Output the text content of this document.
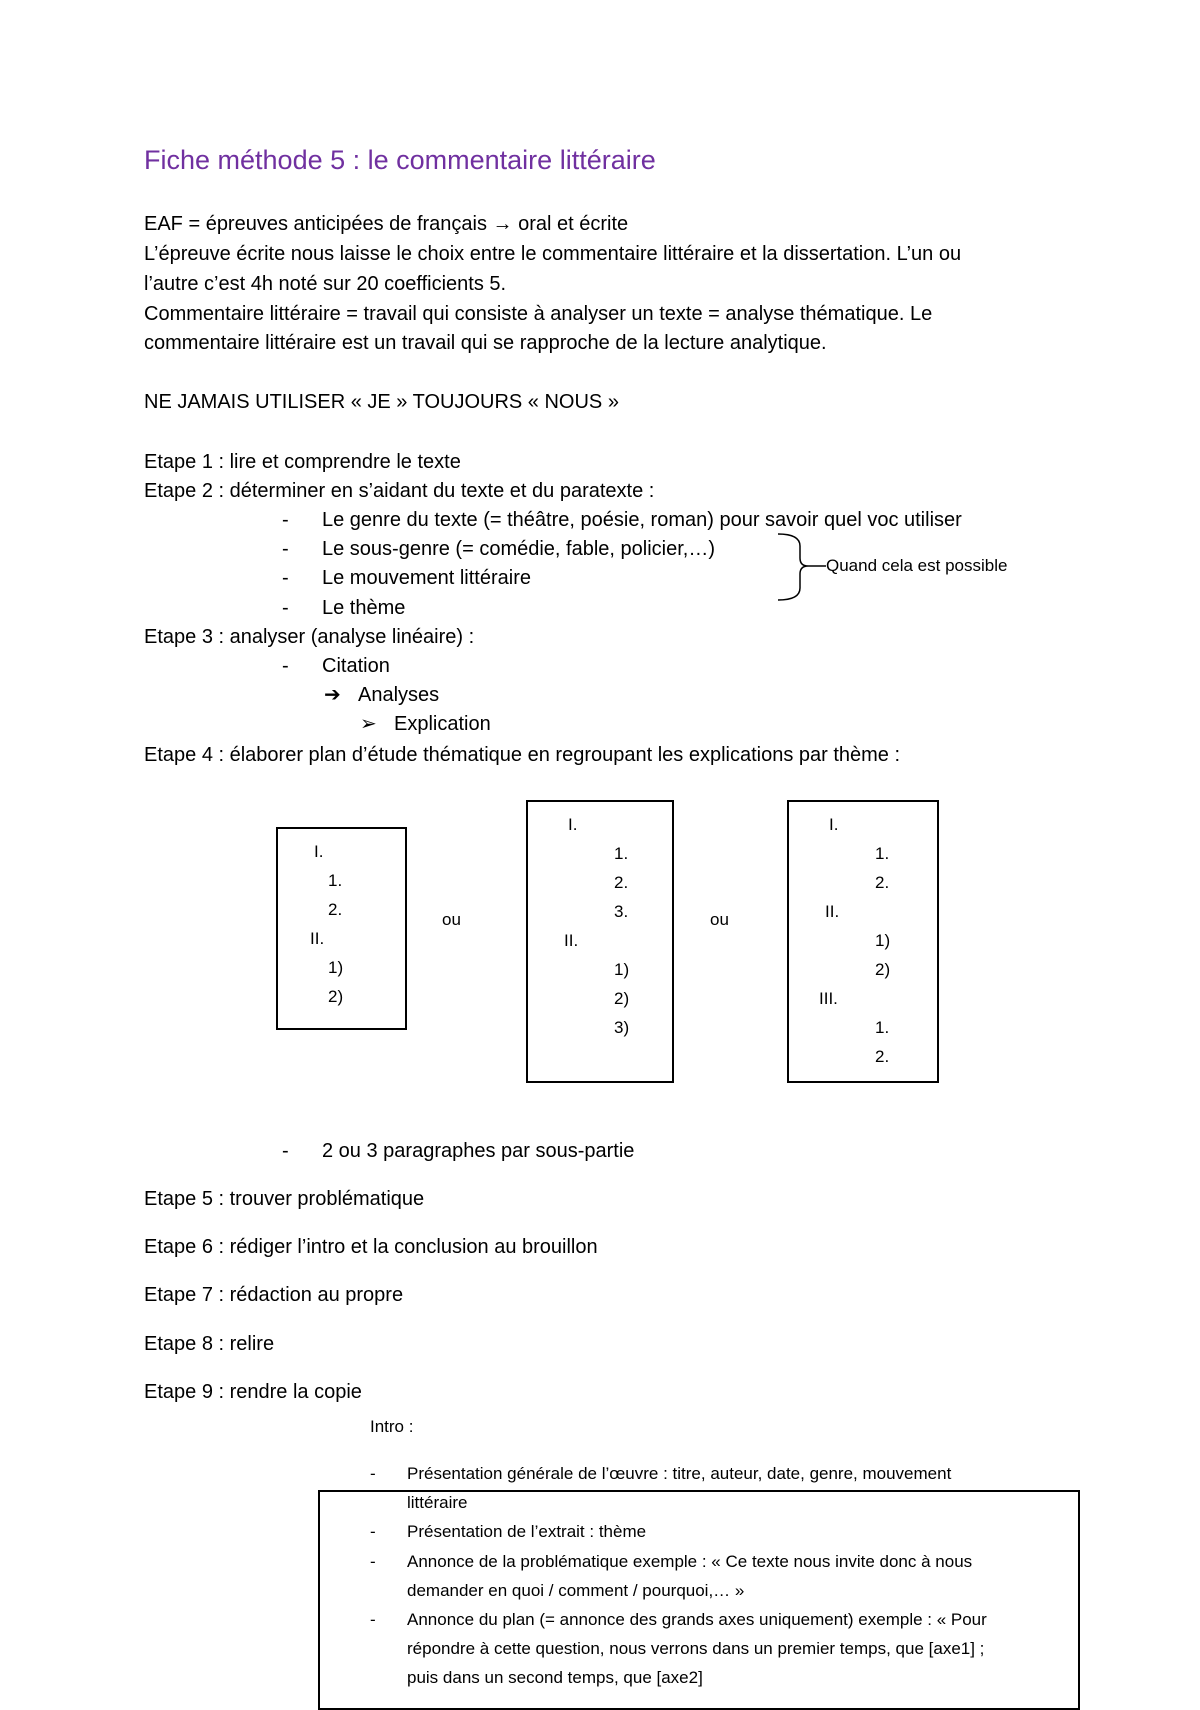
Fiche méthode 5 : le commentaire littéraire
EAF = épreuves anticipées de français → oral et écrite
L’épreuve écrite nous laisse le choix entre le commentaire littéraire et la dissertation. L’un ou
l’autre c’est 4h noté sur 20 coefficients 5.
Commentaire littéraire = travail qui consiste à analyser un texte = analyse thématique. Le
commentaire littéraire est un travail qui se rapproche de la lecture analytique.
NE JAMAIS UTILISER « JE » TOUJOURS « NOUS »
Etape 1 : lire et comprendre le texte
Etape 2 : déterminer en s’aidant du texte et du paratexte :
- Le genre du texte (= théâtre, poésie, roman) pour savoir quel voc utiliser
- Le sous-genre (= comédie, fable, policier,…)
- Le mouvement littéraire
- Le thème
Quand cela est possible
Etape 3 : analyser (analyse linéaire) :
- Citation
➔ Analyses
➢ Explication
Etape 4 : élaborer plan d’étude thématique en regroupant les explications par thème :
I.
1.
2.
II.
1)
2)
ou
I.
1.
2.
3.
II.
1)
2)
3)
ou
I.
1.
2.
II.
1)
2)
III.
1.
2.
- 2 ou 3 paragraphes par sous-partie
Etape 5 : trouver problématique
Etape 6 : rédiger l’intro et la conclusion au brouillon
Etape 7 : rédaction au propre
Etape 8 : relire
Etape 9 : rendre la copie
Intro :
- Présentation générale de l’œuvre : titre, auteur, date, genre, mouvement
littéraire
- Présentation de l’extrait : thème
- Annonce de la problématique exemple : « Ce texte nous invite donc à nous
demander en quoi / comment / pourquoi,… »
- Annonce du plan (= annonce des grands axes uniquement) exemple : « Pour
répondre à cette question, nous verrons dans un premier temps, que [axe1] ;
puis dans un second temps, que [axe2]
